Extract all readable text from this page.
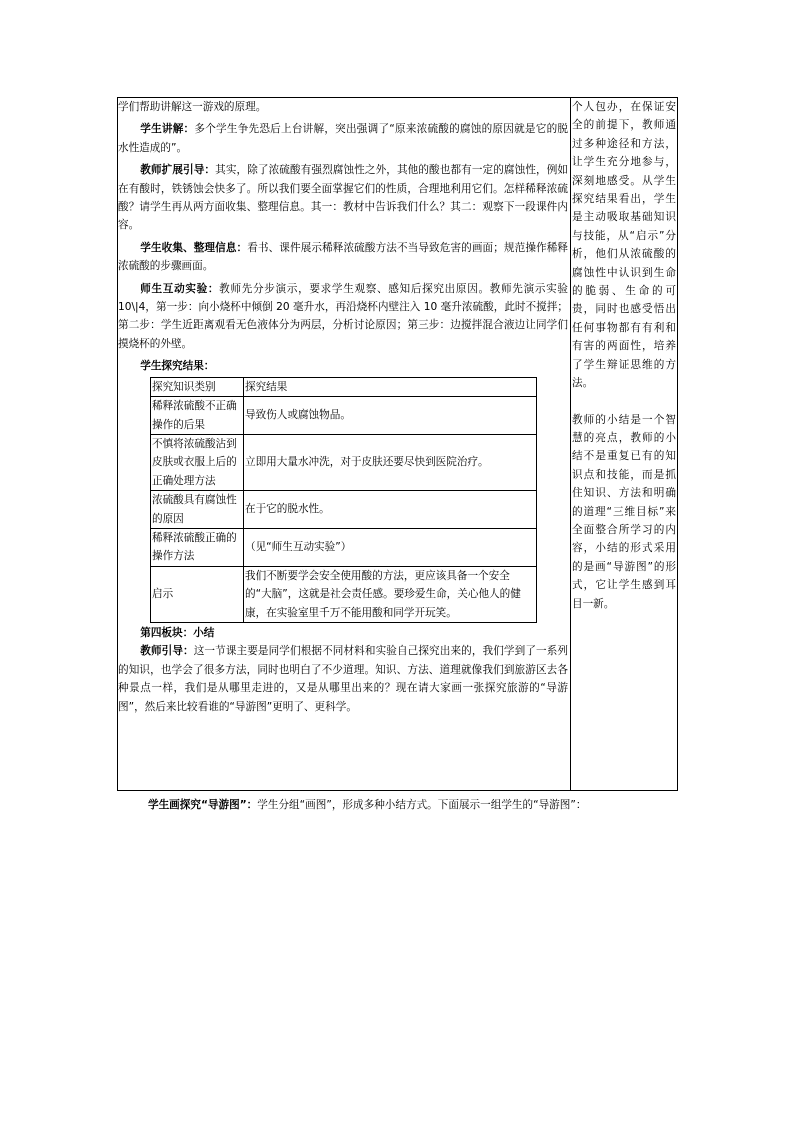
学们帮助讲解这一游戏的原理。

学生讲解：多个学生争先恐后上台讲解，突出强调了“原来浓硫酸的腐蚀的原因就是它的脱水性造成的”。

教师扩展引导：其实，除了浓硫酸有强烈腐蚀性之外，其他的酸也都有一定的腐蚀性，例如在有酸时，铁锈蚀会快多了。所以我们要全面掌握它们的性质，合理地利用它们。怎样稀释浓硫酸？请学生再从两方面收集、整理信息。其一：教材中告诉我们什么？其二：观察下一段课件内容。

学生收集、整理信息：看书、课件展示稀释浓硫酸方法不当导致危害的画面；规范操作稀释浓硫酸的步骤画面。

师生互动实验：教师先分步演示，要求学生观察、感知后探究出原因。教师先演示实验 10\|4，第一步：向小烧杯中倾倒 20 毫升水，再沿烧杯内壁注入 10 毫升浓硫酸，此时不搅拌；第二步：学生近距离观看无色液体分为两层，分析讨论原因；第三步：边搅拌混合液边让同学们摸烧杯的外壁。

学生探究结果：

探究知识类别	探究结果
稀释浓硫酸不正确操作的后果	导致伤人或腐蚀物品。
不慎将浓硫酸沾到皮肤或衣服上后的正确处理方法	立即用大量水冲洗，对于皮肤还要尽快到医院治疗。
浓硫酸具有腐蚀性的原因	在于它的脱水性。
稀释浓硫酸正确的操作方法	（见“师生互动实验”）
启示	我们不断要学会安全使用酸的方法，更应该具备一个安全的“大脑”，这就是社会责任感。要珍爱生命，关心他人的健康，在实验室里千万不能用酸和同学开玩笑。

第四板块：小结

教师引导：这一节课主要是同学们根据不同材料和实验自己探究出来的，我们学到了一系列的知识，也学会了很多方法，同时也明白了不少道理。知识、方法、道理就像我们到旅游区去各种景点一样，我们是从哪里走进的，又是从哪里出来的？现在请大家画一张探究旅游的“导游图”，然后来比较看谁的“导游图”更明了、更科学。

个人包办，在保证安全的前提下，教师通过多种途径和方法，让学生充分地参与，深刻地感受。从学生探究结果看出，学生是主动吸取基础知识与技能，从“启示”分析，他们从浓硫酸的腐蚀性中认识到生命的脆弱、生命的可贵，同时也感受悟出任何事物都有有利和有害的两面性，培养了学生辩证思维的方法。

教师的小结是一个智慧的亮点，教师的小结不是重复已有的知识点和技能，而是抓住知识、方法和明确的道理“三维目标”来全面整合所学习的内容，小结的形式采用的是画“导游图”的形式，它让学生感到耳目一新。

学生画探究“导游图”：学生分组“画图”，形成多种小结方式。下面展示一组学生的“导游图”：
